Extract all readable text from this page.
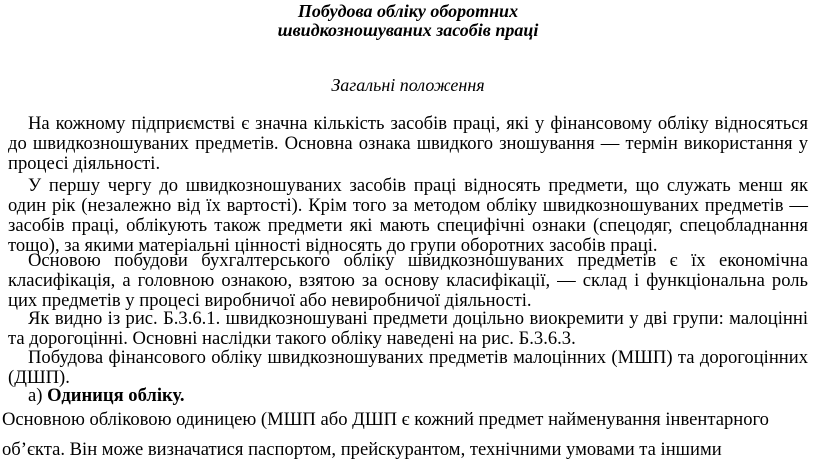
Побудова обліку оборотних
швидкозношуваних засобів праці
Загальні положення

На кожному підприємстві є значна кількість засобів праці, які у фінансовому обліку відносяться до швидкозношуваних предметів. Основна ознака швидкого зношування — термін використання у процесі діяльності.

У першу чергу до швидкозношуваних засобів праці відносять предмети, що служать менш як один рік (незалежно від їх вартості). Крім того за методом обліку швидкозношуваних предметів — засобів праці, облікують також предмети які мають специфічні ознаки (спецодяг, спецобладнання тощо), за якими матеріальні цінності відносять до групи оборотних засобів праці.

Основою побудови бухгалтерського обліку швидкозношуваних предметів є їх економічна класифікація, а головною ознакою, взятою за основу класифікації, — склад і функціональна роль цих предметів у процесі виробничої або невиробничої діяльності.

Як видно із рис. Б.3.6.1. швидкозношувані предмети доцільно виокремити у дві групи: малоцінні та дорогоцінні. Основні наслідки такого обліку наведені на рис. Б.3.6.3.

Побудова фінансового обліку швидкозношуваних предметів малоцінних (МШП) та дорогоцінних (ДШП).

а) Одиниця обліку.

Основною обліковою одиницею (МШП або ДШП є кожний предмет найменування інвентарного об’єкта. Він може визначатися паспортом, прейскурантом, технічними умовами та іншими
